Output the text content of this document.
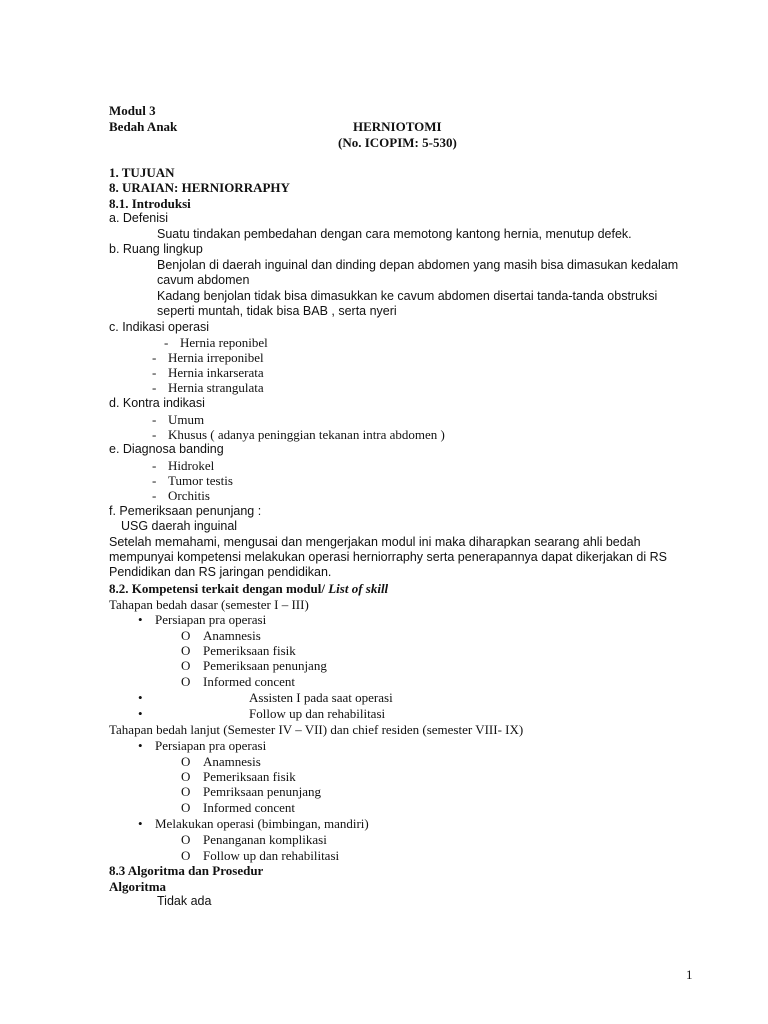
Modul 3
Bedah Anak	HERNIOTOMI
(No. ICOPIM: 5-530)
1. TUJUAN
8. URAIAN: HERNIORRAPHY
8.1. Introduksi
a. Defenisi
Suatu tindakan pembedahan dengan cara memotong kantong hernia, menutup defek.
b. Ruang lingkup
Benjolan di daerah inguinal dan dinding depan abdomen yang masih bisa dimasukan kedalam
cavum abdomen
Kadang benjolan tidak bisa dimasukkan ke cavum abdomen disertai tanda-tanda obstruksi
seperti muntah, tidak bisa BAB , serta nyeri
c. Indikasi operasi
- Hernia reponibel
- Hernia irreponibel
- Hernia inkarserata
- Hernia strangulata
d. Kontra indikasi
- Umum
- Khusus ( adanya peninggian tekanan intra abdomen )
e. Diagnosa banding
- Hidrokel
- Tumor testis
- Orchitis
f. Pemeriksaan penunjang :
USG daerah inguinal
Setelah memahami, mengusai dan mengerjakan modul ini maka diharapkan searang ahli bedah
mempunyai kompetensi melakukan operasi herniorraphy serta penerapannya dapat dikerjakan di RS
Pendidikan dan RS jaringan pendidikan.
8.2. Kompetensi terkait dengan modul/ List of skill
Tahapan bedah dasar (semester I – III)
• Persiapan pra operasi
O Anamnesis
O Pemeriksaan fisik
O Pemeriksaan penunjang
O Informed concent
•	Assisten I pada saat operasi
•	Follow up dan rehabilitasi
Tahapan bedah lanjut (Semester IV – VII) dan chief residen (semester VIII- IX)
• Persiapan pra operasi
O Anamnesis
O Pemeriksaan fisik
O Pemriksaan penunjang
O Informed concent
• Melakukan operasi (bimbingan, mandiri)
O Penanganan komplikasi
O Follow up dan rehabilitasi
8.3 Algoritma dan Prosedur
Algoritma
Tidak ada
1
